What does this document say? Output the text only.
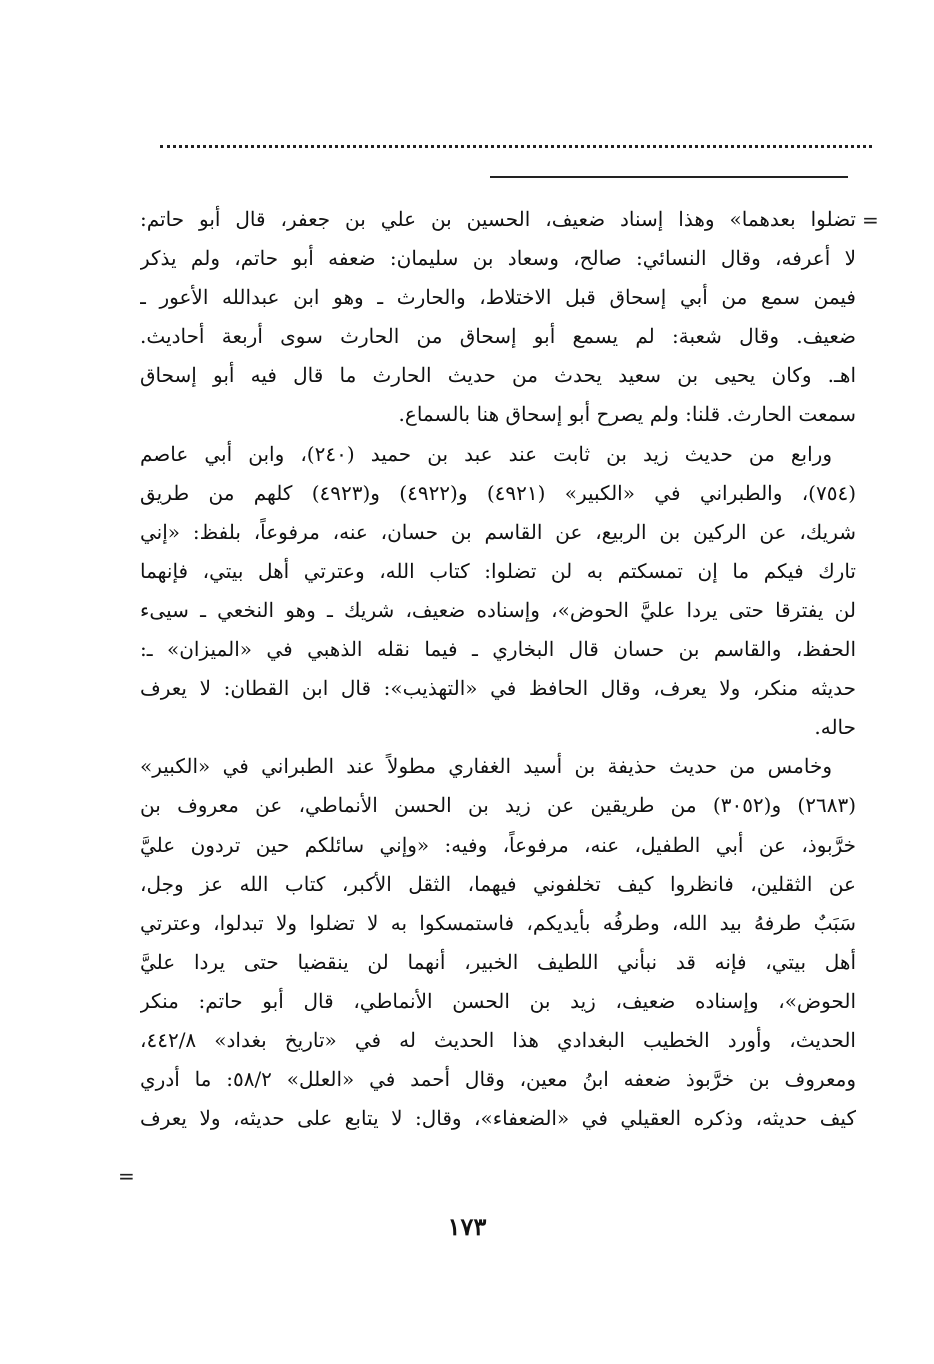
=
تضلوا بعدهما» وهذا إسناد ضعيف، الحسين بن علي بن جعفر، قال أبو حاتم:
لا أعرفه، وقال النسائي: صالح، وسعاد بن سليمان: ضعفه أبو حاتم، ولم يذكر
فيمن سمع من أبي إسحاق قبل الاختلاط، والحارث ـ وهو ابن عبدالله الأعور ـ
ضعيف. وقال شعبة: لم يسمع أبو إسحاق من الحارث سوى أربعة أحاديث.
اهـ. وكان يحيى بن سعيد يحدث من حديث الحارث ما قال فيه أبو إسحاق
سمعت الحارث. قلنا: ولم يصرح أبو إسحاق هنا بالسماع.
ورابع من حديث زيد بن ثابت عند عبد بن حميد (٢٤٠)، وابن أبي عاصم
(٧٥٤)، والطبراني في «الكبير» (٤٩٢١) و(٤٩٢٢) و(٤٩٢٣) كلهم من طريق
شريك، عن الركين بن الربيع، عن القاسم بن حسان، عنه، مرفوعاً، بلفظ: «إني
تارك فيكم ما إن تمسكتم به لن تضلوا: كتاب الله، وعترتي أهل بيتي، فإنهما
لن يفترقا حتى يردا عليَّ الحوض»، وإسناده ضعيف، شريك ـ وهو النخعي ـ سيىء
الحفظ، والقاسم بن حسان قال البخاري ـ فيما نقله الذهبي في «الميزان» ـ:
حديثه منكر، ولا يعرف، وقال الحافظ في «التهذيب»: قال ابن القطان: لا يعرف
حاله.
وخامس من حديث حذيفة بن أسيد الغفاري مطولاً عند الطبراني في «الكبير»
(٢٦٨٣) و(٣٠٥٢) من طريقين عن زيد بن الحسن الأنماطي، عن معروف بن
خرَّبوذ، عن أبي الطفيل، عنه، مرفوعاً، وفيه: «وإني سائلكم حين تردون عليَّ
عن الثقلين، فانظروا كيف تخلفوني فيهما، الثقل الأكبر، كتاب الله عز وجل،
سَبَبٌ طرفهُ بيد الله، وطرفُه بأيديكم، فاستمسكوا به لا تضلوا ولا تبدلوا، وعترتي
أهل بيتي، فإنه قد نبأني اللطيف الخبير، أنهما لن ينقضيا حتى يردا عليَّ
الحوض»، وإسناده ضعيف، زيد بن الحسن الأنماطي، قال أبو حاتم: منكر
الحديث، وأورد الخطيب البغدادي هذا الحديث له في «تاريخ بغداد» ٤٤٢/٨،
ومعروف بن خرَّبوذ ضعفه ابنُ معين، وقال أحمد في «العلل» ٥٨/٢: ما أدري
كيف حديثه، وذكره العقيلي في «الضعفاء»، وقال: لا يتابع على حديثه، ولا يعرف
=
١٧٣
